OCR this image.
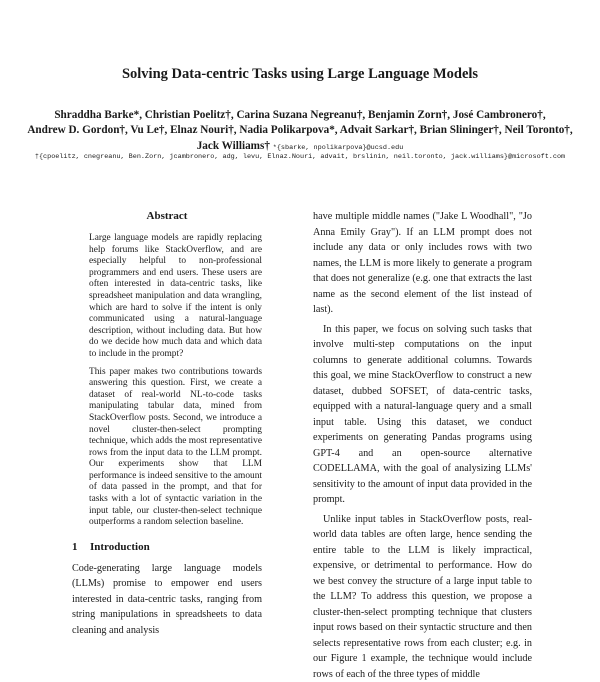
Solving Data-centric Tasks using Large Language Models
Shraddha Barke*, Christian Poelitz†, Carina Suzana Negreanu†, Benjamin Zorn†, José Cambronero†,
Andrew D. Gordon†, Vu Le†, Elnaz Nouri†, Nadia Polikarpova*, Advait Sarkar†, Brian Slininger†, Neil Toronto†,
Jack Williams† *{sbarke, npolikarpova}@ucsd.edu
†{cpoelitz, cnegreanu, Ben.Zorn, jcambronero, adg, levu, Elnaz.Nouri, advait, brslinin, neil.toronto, jack.williams}@microsoft.com
Abstract

Large language models are rapidly replacing help forums like StackOverflow, and are especially helpful to non-professional programmers and end users. These users are often interested in data-centric tasks, like spreadsheet manipulation and data wrangling, which are hard to solve if the intent is only communicated using a natural-language description, without including data. But how do we decide how much data and which data to include in the prompt?

This paper makes two contributions towards answering this question. First, we create a dataset of real-world NL-to-code tasks manipulating tabular data, mined from StackOverflow posts. Second, we introduce a novel cluster-then-select prompting technique, which adds the most representative rows from the input data to the LLM prompt. Our experiments show that LLM performance is indeed sensitive to the amount of data passed in the prompt, and that for tasks with a lot of syntactic variation in the input table, our cluster-then-select technique outperforms a random selection baseline.

1 Introduction

Code-generating large language models (LLMs) promise to empower end users interested in data-centric tasks, ranging from string manipulations in spreadsheets to data cleaning and analysis

have multiple middle names ("Jake L Woodhall", "Jo Anna Emily Gray"). If an LLM prompt does not include any data or only includes rows with two names, the LLM is more likely to generate a program that does not generalize (e.g. one that extracts the last name as the second element of the list instead of last).

In this paper, we focus on solving such tasks that involve multi-step computations on the input columns to generate additional columns. Towards this goal, we mine StackOverflow to construct a new dataset, dubbed SOFSET, of data-centric tasks, equipped with a natural-language query and a small input table. Using this dataset, we conduct experiments on generating Pandas programs using GPT-4 and an open-source alternative CODELLAMA, with the goal of analysizing LLMs' sensitivity to the amount of input data provided in the prompt.

Unlike input tables in StackOverflow posts, real-world data tables are often large, hence sending the entire table to the LLM is likely impractical, expensive, or detrimental to performance. How do we best convey the structure of a large input table to the LLM? To address this question, we propose a cluster-then-select prompting technique that clusters input rows based on their syntactic structure and then selects representative rows from each cluster; e.g. in our Figure 1 example, the technique would include rows of each of the three types of middle
